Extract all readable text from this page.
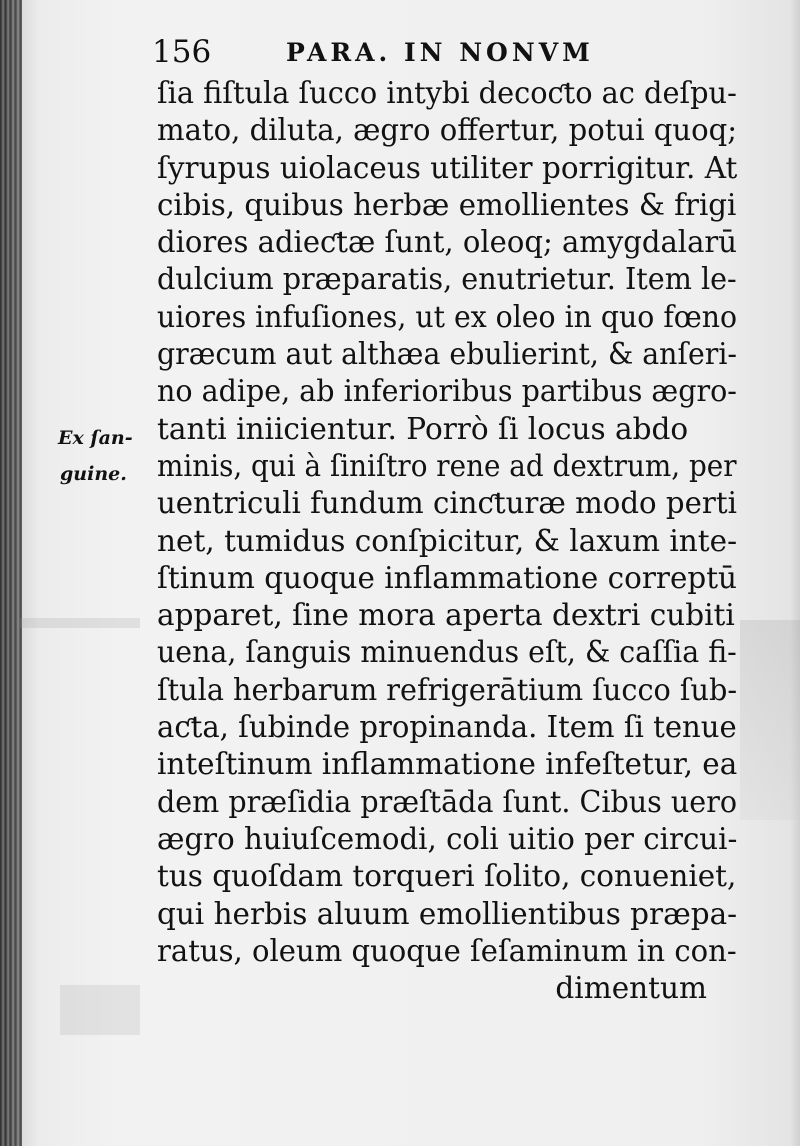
156	PARA. IN NONVM
Ex ſan-
guine.
ſia fiſtula ſucco intybi decoƈto ac deſpu-
mato, diluta, ægro offertur, potui quoq;
ſyrupus uiolaceus utiliter porrigitur. At
cibis, quibus herbæ emollientes & frigi
diores adieƈtæ ſunt, oleoq; amygdalarū
dulcium præparatis, enutrietur. Item le-
uiores infuſiones, ut ex oleo in quo fœno
græcum aut althæa ebulierint, & anſeri-
no adipe, ab inferioribus partibus ægro-
tanti iniicientur. Porrò ſi locus abdo
minis, qui à ſiniſtro rene ad dextrum, per
uentriculi fundum cinƈturæ modo perti
net, tumidus conſpicitur, & laxum inte-
ſtinum quoque inflammatione correptū
apparet, ſine mora aperta dextri cubiti
uena, ſanguis minuendus eſt, & caſſia fi-
ſtula herbarum refrigerātium ſucco ſub-
aƈta, ſubinde propinanda. Item ſi tenue
inteſtinum inflammatione infeſtetur, ea
dem præſidia præſtāda ſunt. Cibus uero
ægro huiuſcemodi, coli uitio per circui-
tus quoſdam torqueri ſolito, conueniet,
qui herbis aluum emollientibus præpa-
ratus, oleum quoque ſeſaminum in con-
dimentum
